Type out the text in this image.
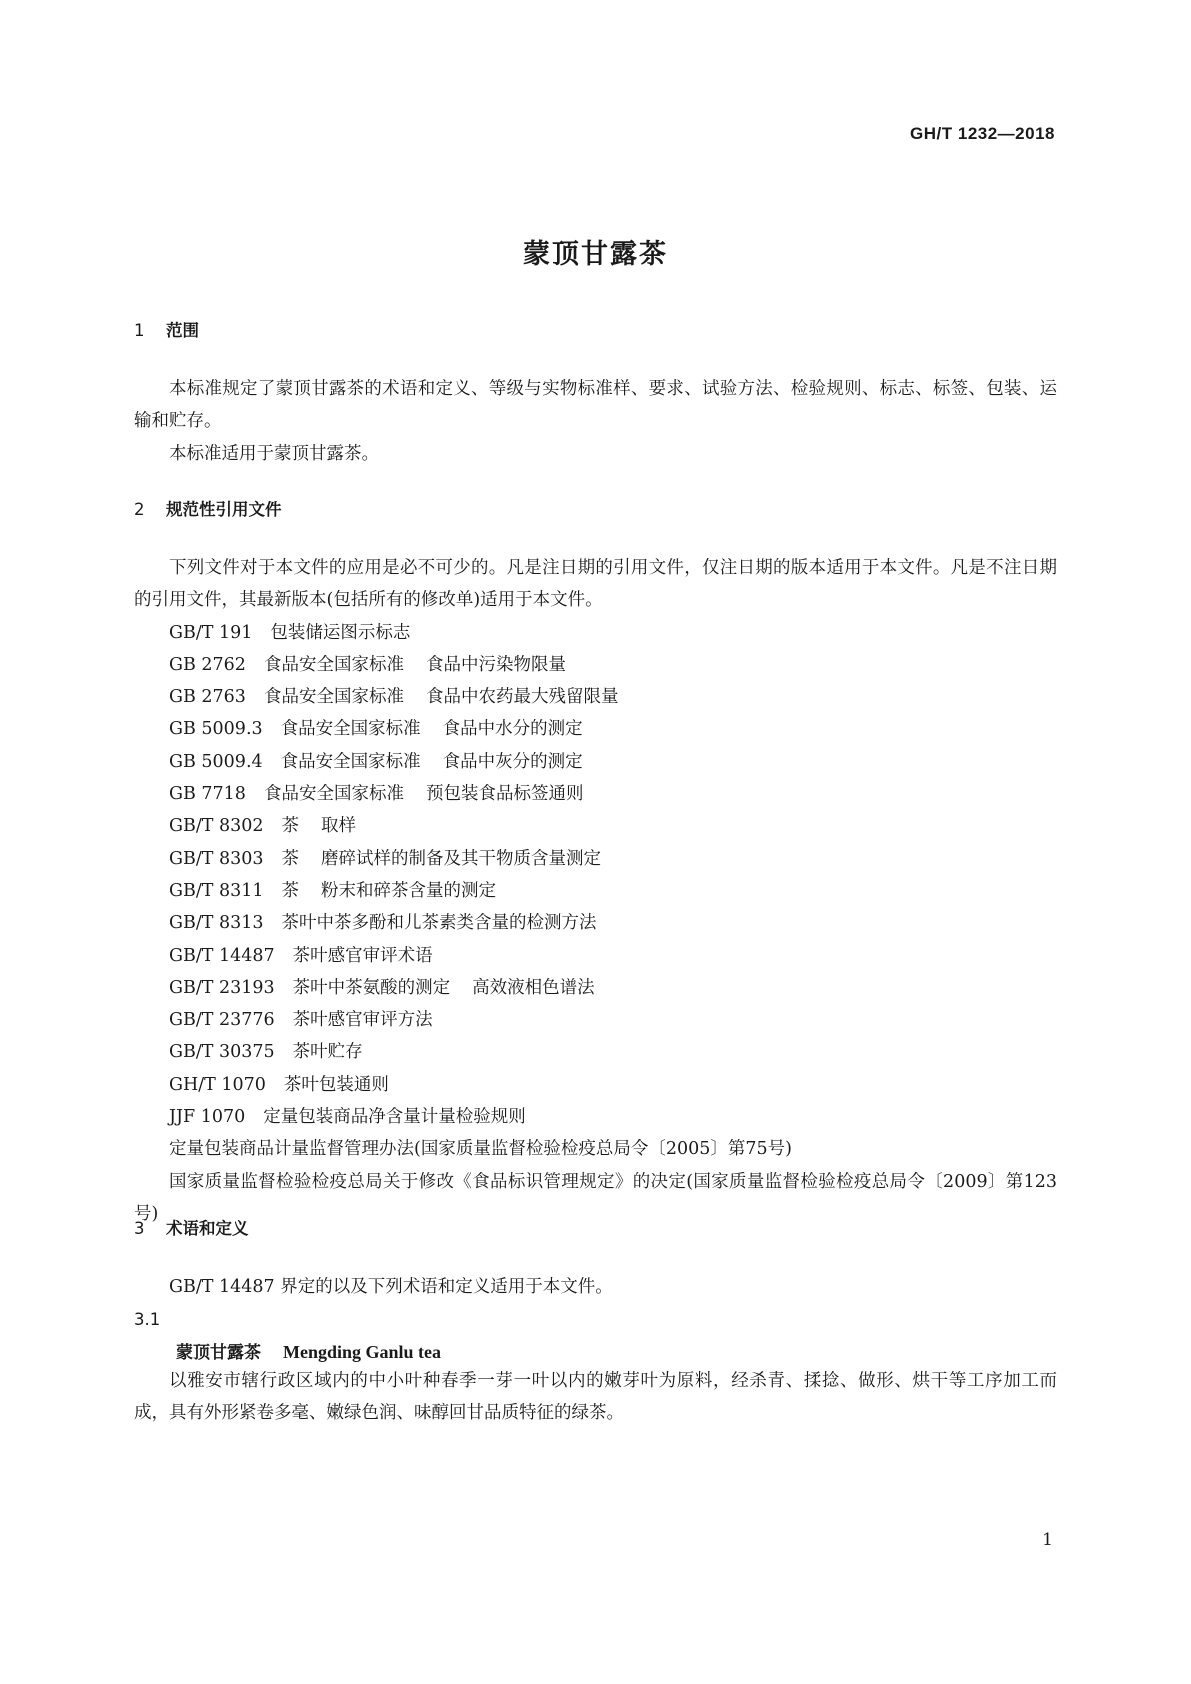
GH/T 1232—2018
蒙顶甘露茶
1 范围

本标准规定了蒙顶甘露茶的术语和定义、等级与实物标准样、要求、试验方法、检验规则、标志、标签、包装、运输和贮存。

本标准适用于蒙顶甘露茶。

2 规范性引用文件

下列文件对于本文件的应用是必不可少的。凡是注日期的引用文件，仅注日期的版本适用于本文件。凡是不注日期的引用文件，其最新版本(包括所有的修改单)适用于本文件。

GB/T 191 包装储运图示标志
GB 2762 食品安全国家标准 食品中污染物限量
GB 2763 食品安全国家标准 食品中农药最大残留限量
GB 5009.3 食品安全国家标准 食品中水分的测定
GB 5009.4 食品安全国家标准 食品中灰分的测定
GB 7718 食品安全国家标准 预包装食品标签通则
GB/T 8302 茶 取样
GB/T 8303 茶 磨碎试样的制备及其干物质含量测定
GB/T 8311 茶 粉末和碎茶含量的测定
GB/T 8313 茶叶中茶多酚和儿茶素类含量的检测方法
GB/T 14487 茶叶感官审评术语
GB/T 23193 茶叶中茶氨酸的测定 高效液相色谱法
GB/T 23776 茶叶感官审评方法
GB/T 30375 茶叶贮存
GH/T 1070 茶叶包装通则
JJF 1070 定量包装商品净含量计量检验规则

定量包装商品计量监督管理办法(国家质量监督检验检疫总局令〔2005〕第75号)

国家质量监督检验检疫总局关于修改《食品标识管理规定》的决定(国家质量监督检验检疫总局令〔2009〕第123号)

3 术语和定义

GB/T 14487 界定的以及下列术语和定义适用于本文件。

3.1
蒙顶甘露茶 Mengding Ganlu tea

以雅安市辖行政区域内的中小叶种春季一芽一叶以内的嫩芽叶为原料，经杀青、揉捻、做形、烘干等工序加工而成，具有外形紧卷多毫、嫩绿色润、味醇回甘品质特征的绿茶。

1
